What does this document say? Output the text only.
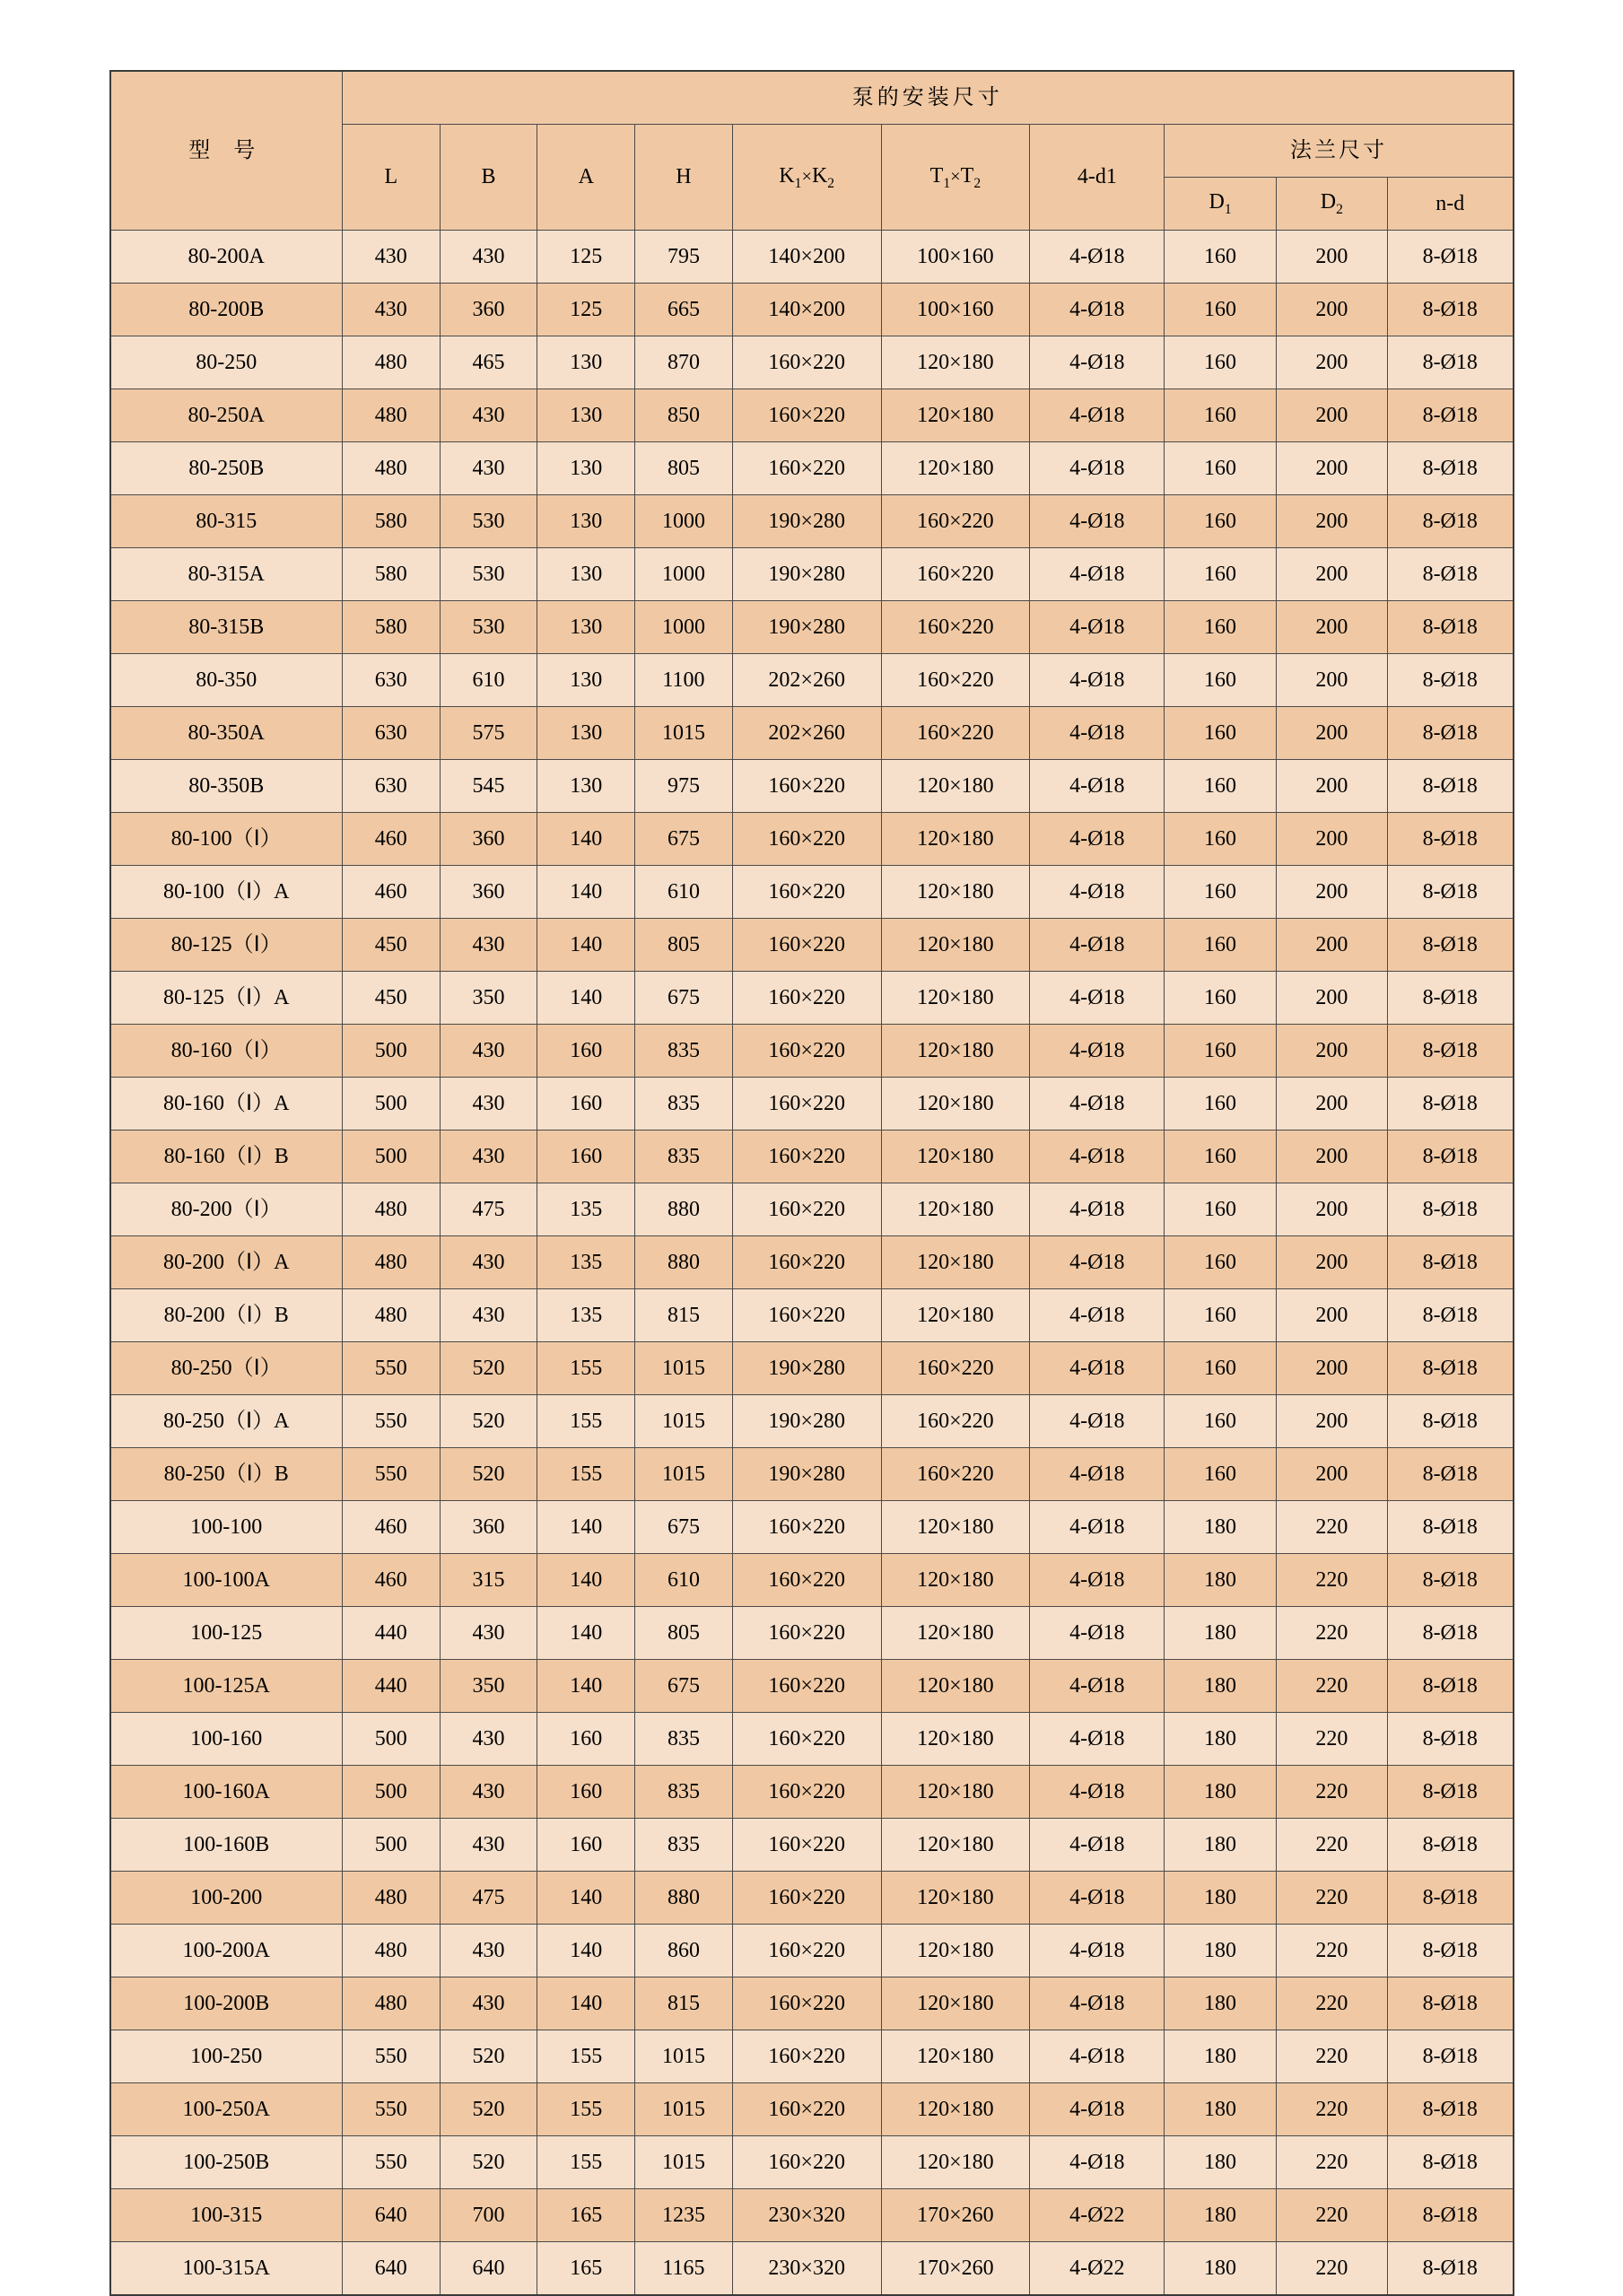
型 号	泵的安装尺寸									
	L	B	A	H	$K_1\times K_2$	$T_1\times T_2$	4-d1	法兰尺寸		
								$D_1$	$D_2$	n-d
80-200A	430	430	125	795	140×200	100×160	4-Ø18	160	200	8-Ø18
80-200B	430	360	125	665	140×200	100×160	4-Ø18	160	200	8-Ø18
80-250	480	465	130	870	160×220	120×180	4-Ø18	160	200	8-Ø18
80-250A	480	430	130	850	160×220	120×180	4-Ø18	160	200	8-Ø18
80-250B	480	430	130	805	160×220	120×180	4-Ø18	160	200	8-Ø18
80-315	580	530	130	1000	190×280	160×220	4-Ø18	160	200	8-Ø18
80-315A	580	530	130	1000	190×280	160×220	4-Ø18	160	200	8-Ø18
80-315B	580	530	130	1000	190×280	160×220	4-Ø18	160	200	8-Ø18
80-350	630	610	130	1100	202×260	160×220	4-Ø18	160	200	8-Ø18
80-350A	630	575	130	1015	202×260	160×220	4-Ø18	160	200	8-Ø18
80-350B	630	545	130	975	160×220	120×180	4-Ø18	160	200	8-Ø18
80-100（Ⅰ）	460	360	140	675	160×220	120×180	4-Ø18	160	200	8-Ø18
80-100（Ⅰ）A	460	360	140	610	160×220	120×180	4-Ø18	160	200	8-Ø18
80-125（Ⅰ）	450	430	140	805	160×220	120×180	4-Ø18	160	200	8-Ø18
80-125（Ⅰ）A	450	350	140	675	160×220	120×180	4-Ø18	160	200	8-Ø18
80-160（Ⅰ）	500	430	160	835	160×220	120×180	4-Ø18	160	200	8-Ø18
80-160（Ⅰ）A	500	430	160	835	160×220	120×180	4-Ø18	160	200	8-Ø18
80-160（Ⅰ）B	500	430	160	835	160×220	120×180	4-Ø18	160	200	8-Ø18
80-200（Ⅰ）	480	475	135	880	160×220	120×180	4-Ø18	160	200	8-Ø18
80-200（Ⅰ）A	480	430	135	880	160×220	120×180	4-Ø18	160	200	8-Ø18
80-200（Ⅰ）B	480	430	135	815	160×220	120×180	4-Ø18	160	200	8-Ø18
80-250（Ⅰ）	550	520	155	1015	190×280	160×220	4-Ø18	160	200	8-Ø18
80-250（Ⅰ）A	550	520	155	1015	190×280	160×220	4-Ø18	160	200	8-Ø18
80-250（Ⅰ）B	550	520	155	1015	190×280	160×220	4-Ø18	160	200	8-Ø18
100-100	460	360	140	675	160×220	120×180	4-Ø18	180	220	8-Ø18
100-100A	460	315	140	610	160×220	120×180	4-Ø18	180	220	8-Ø18
100-125	440	430	140	805	160×220	120×180	4-Ø18	180	220	8-Ø18
100-125A	440	350	140	675	160×220	120×180	4-Ø18	180	220	8-Ø18
100-160	500	430	160	835	160×220	120×180	4-Ø18	180	220	8-Ø18
100-160A	500	430	160	835	160×220	120×180	4-Ø18	180	220	8-Ø18
100-160B	500	430	160	835	160×220	120×180	4-Ø18	180	220	8-Ø18
100-200	480	475	140	880	160×220	120×180	4-Ø18	180	220	8-Ø18
100-200A	480	430	140	860	160×220	120×180	4-Ø18	180	220	8-Ø18
100-200B	480	430	140	815	160×220	120×180	4-Ø18	180	220	8-Ø18
100-250	550	520	155	1015	160×220	120×180	4-Ø18	180	220	8-Ø18
100-250A	550	520	155	1015	160×220	120×180	4-Ø18	180	220	8-Ø18
100-250B	550	520	155	1015	160×220	120×180	4-Ø18	180	220	8-Ø18
100-315	640	700	165	1235	230×320	170×260	4-Ø22	180	220	8-Ø18
100-315A	640	640	165	1165	230×320	170×260	4-Ø22	180	220	8-Ø18
